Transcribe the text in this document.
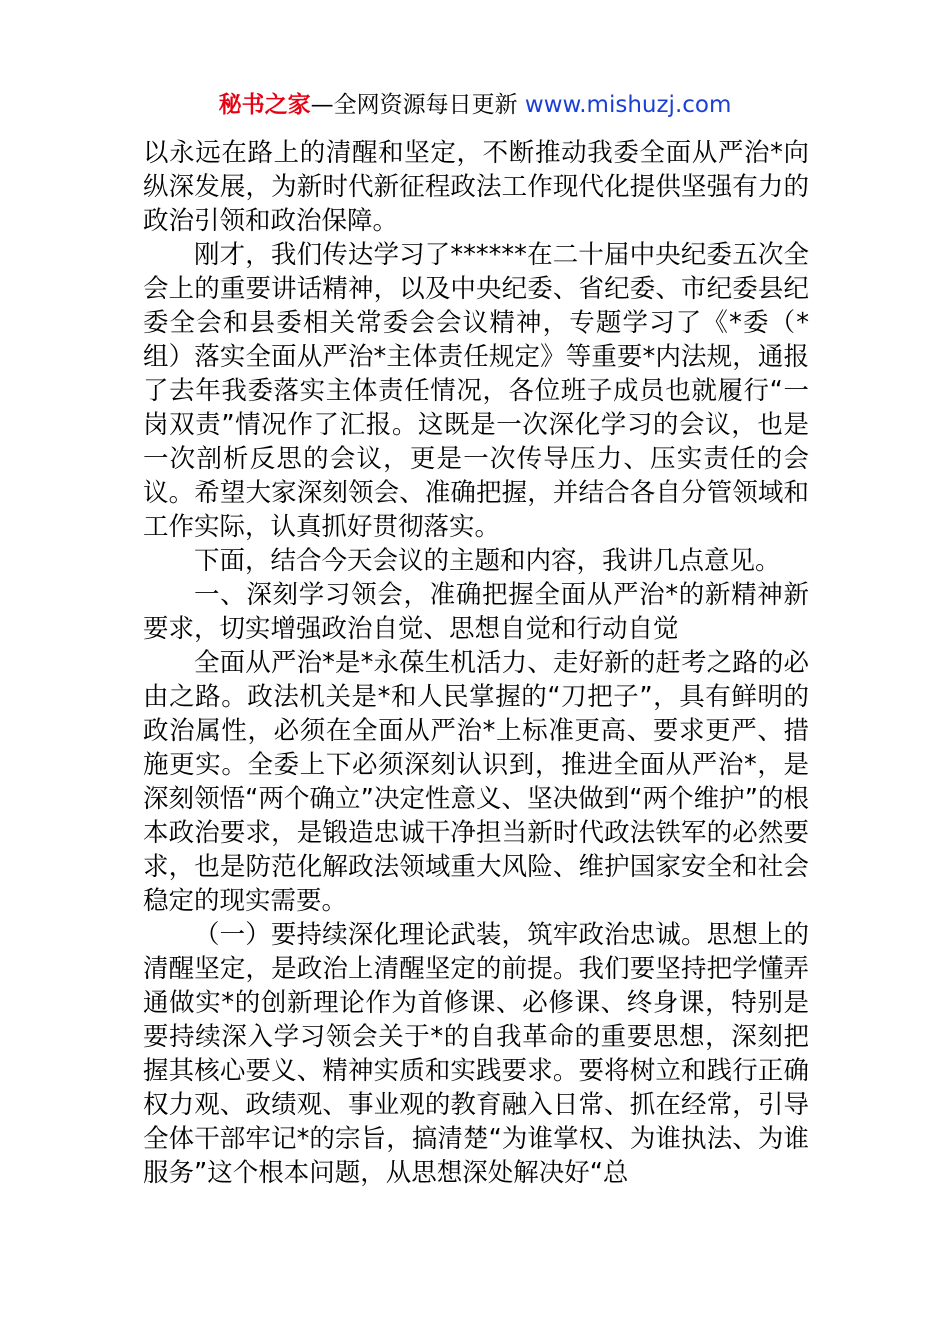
秘书之家—全网资源每日更新 www.mishuzj.com

以永远在路上的清醒和坚定，不断推动我委全面从严治*向纵深发展，为新时代新征程政法工作现代化提供坚强有力的政治引领和政治保障。

刚才，我们传达学习了******在二十届中央纪委五次全会上的重要讲话精神，以及中央纪委、省纪委、市纪委县纪委全会和县委相关常委会会议精神，专题学习了《*委（*组）落实全面从严治*主体责任规定》等重要*内法规，通报了去年我委落实主体责任情况，各位班子成员也就履行“一岗双责”情况作了汇报。这既是一次深化学习的会议，也是一次剖析反思的会议，更是一次传导压力、压实责任的会议。希望大家深刻领会、准确把握，并结合各自分管领域和工作实际，认真抓好贯彻落实。

下面，结合今天会议的主题和内容，我讲几点意见。

一、深刻学习领会，准确把握全面从严治*的新精神新要求，切实增强政治自觉、思想自觉和行动自觉

全面从严治*是*永葆生机活力、走好新的赶考之路的必由之路。政法机关是*和人民掌握的“刀把子”，具有鲜明的政治属性，必须在全面从严治*上标准更高、要求更严、措施更实。全委上下必须深刻认识到，推进全面从严治*，是深刻领悟“两个确立”决定性意义、坚决做到“两个维护”的根本政治要求，是锻造忠诚干净担当新时代政法铁军的必然要求，也是防范化解政法领域重大风险、维护国家安全和社会稳定的现实需要。

（一）要持续深化理论武装，筑牢政治忠诚。思想上的清醒坚定，是政治上清醒坚定的前提。我们要坚持把学懂弄通做实*的创新理论作为首修课、必修课、终身课，特别是要持续深入学习领会关于*的自我革命的重要思想，深刻把握其核心要义、精神实质和实践要求。要将树立和践行正确权力观、政绩观、事业观的教育融入日常、抓在经常，引导全体干部牢记*的宗旨，搞清楚“为谁掌权、为谁执法、为谁服务”这个根本问题，从思想深处解决好“总
